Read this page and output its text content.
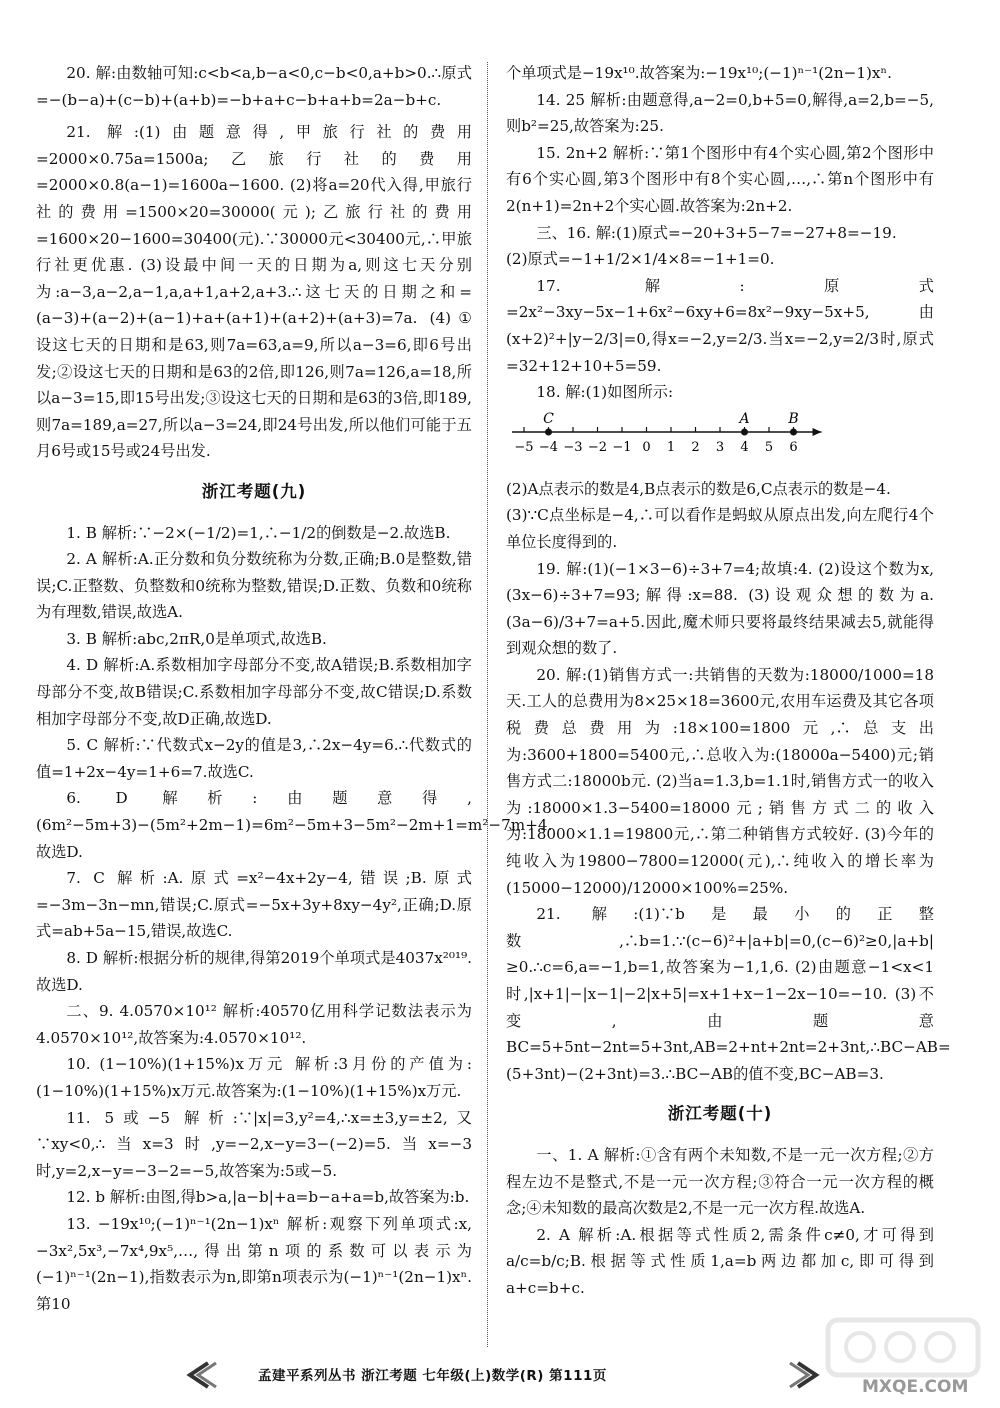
20. 解:由数轴可知:c<b<a,b−a<0,c−b<0,a+b>0.∴原式=−(b−a)+(c−b)+(a+b)=−b+a+c−b+a+b=2a−b+c.

21. 解:(1)由题意得,甲旅行社的费用=2000×0.75a=1500a;乙旅行社的费用=2000×0.8(a−1)=1600a−1600. (2)将a=20代入得,甲旅行社的费用=1500×20=30000(元);乙旅行社的费用=1600×20−1600=30400(元).∵30000元<30400元,∴甲旅行社更优惠. (3)设最中间一天的日期为a,则这七天分别为:a−3,a−2,a−1,a,a+1,a+2,a+3.∴这七天的日期之和=(a−3)+(a−2)+(a−1)+a+(a+1)+(a+2)+(a+3)=7a. (4)①设这七天的日期和是63,则7a=63,a=9,所以a−3=6,即6号出发;②设这七天的日期和是63的2倍,即126,则7a=126,a=18,所以a−3=15,即15号出发;③设这七天的日期和是63的3倍,即189,则7a=189,a=27,所以a−3=24,即24号出发,所以他们可能于五月6号或15号或24号出发.

浙江考题(九)

1. B 解析:∵−2×(−1/2)=1,∴−1/2的倒数是−2.故选B.

2. A 解析:A.正分数和负分数统称为分数,正确;B.0是整数,错误;C.正整数、负整数和0统称为整数,错误;D.正数、负数和0统称为有理数,错误,故选A.

3. B 解析:abc,2πR,0是单项式,故选B.

4. D 解析:A.系数相加字母部分不变,故A错误;B.系数相加字母部分不变,故B错误;C.系数相加字母部分不变,故C错误;D.系数相加字母部分不变,故D正确,故选D.

5. C 解析:∵代数式x−2y的值是3,∴2x−4y=6.∴代数式的值=1+2x−4y=1+6=7.故选C.

6. D 解析:由题意得,(6m²−5m+3)−(5m²+2m−1)=6m²−5m+3−5m²−2m+1=m²−7m+4.故选D.

7. C 解析:A.原式=x²−4x+2y−4,错误;B.原式=−3m−3n−mn,错误;C.原式=−5x+3y+8xy−4y²,正确;D.原式=ab+5a−15,错误,故选C.

8. D 解析:根据分析的规律,得第2019个单项式是4037x²⁰¹⁹.故选D.

二、9. 4.0570×10¹² 解析:40570亿用科学记数法表示为4.0570×10¹²,故答案为:4.0570×10¹².

10. (1−10%)(1+15%)x万元 解析:3月份的产值为:(1−10%)(1+15%)x万元.故答案为:(1−10%)(1+15%)x万元.

11. 5或−5 解析:∵|x|=3,y²=4,∴x=±3,y=±2,又∵xy<0,∴当x=3时,y=−2,x−y=3−(−2)=5.当x=−3时,y=2,x−y=−3−2=−5,故答案为:5或−5.

12. b 解析:由图,得b>a,|a−b|+a=b−a+a=b,故答案为:b.

13. −19x¹⁰;(−1)ⁿ⁻¹(2n−1)xⁿ 解析:观察下列单项式:x,−3x²,5x³,−7x⁴,9x⁵,…,得出第n项的系数可以表示为(−1)ⁿ⁻¹(2n−1),指数表示为n,即第n项表示为(−1)ⁿ⁻¹(2n−1)xⁿ.第10

个单项式是−19x¹⁰.故答案为:−19x¹⁰;(−1)ⁿ⁻¹(2n−1)xⁿ.

14. 25 解析:由题意得,a−2=0,b+5=0,解得,a=2,b=−5,则b²=25,故答案为:25.

15. 2n+2 解析:∵第1个图形中有4个实心圆,第2个图形中有6个实心圆,第3个图形中有8个实心圆,…,∴第n个图形中有2(n+1)=2n+2个实心圆.故答案为:2n+2.

三、16. 解:(1)原式=−20+3+5−7=−27+8=−19.

(2)原式=−1+1/2×1/4×8=−1+1=0.

17. 解:原式=2x²−3xy−5x−1+6x²−6xy+6=8x²−9xy−5x+5,由(x+2)²+|y−2/3|=0,得x=−2,y=2/3.当x=−2,y=2/3时,原式=32+12+10+5=59.

18. 解:(1)如图所示:

−5 −4 −3 −2 −1 0 1 2 3 4 5 6
C	A	B

(2)A点表示的数是4,B点表示的数是6,C点表示的数是−4.

(3)∵C点坐标是−4,∴可以看作是蚂蚁从原点出发,向左爬行4个单位长度得到的.

19. 解:(1)(−1×3−6)÷3+7=4;故填:4. (2)设这个数为x,(3x−6)÷3+7=93;解得:x=88. (3)设观众想的数为a.(3a−6)/3+7=a+5.因此,魔术师只要将最终结果减去5,就能得到观众想的数了.

20. 解:(1)销售方式一:共销售的天数为:18000/1000=18天.工人的总费用为8×25×18=3600元,农用车运费及其它各项税费总费用为:18×100=1800元,∴总支出为:3600+1800=5400元,∴总收入为:(18000a−5400)元;销售方式二:18000b元. (2)当a=1.3,b=1.1时,销售方式一的收入为:18000×1.3−5400=18000元;销售方式二的收入为:18000×1.1=19800元,∴第二种销售方式较好. (3)今年的纯收入为19800−7800=12000(元),∴纯收入的增长率为(15000−12000)/12000×100%=25%.

21. 解:(1)∵b是最小的正整数,∴b=1.∵(c−6)²+|a+b|=0,(c−6)²≥0,|a+b|≥0.∴c=6,a=−1,b=1,故答案为−1,1,6. (2)由题意−1<x<1时,|x+1|−|x−1|−2|x+5|=x+1+x−1−2x−10=−10. (3)不变,由题意BC=5+5nt−2nt=5+3nt,AB=2+nt+2nt=2+3nt,∴BC−AB=(5+3nt)−(2+3nt)=3.∴BC−AB的值不变,BC−AB=3.

浙江考题(十)

一、1. A 解析:①含有两个未知数,不是一元一次方程;②方程左边不是整式,不是一元一次方程;③符合一元一次方程的概念;④未知数的最高次数是2,不是一元一次方程.故选A.

2. A 解析:A.根据等式性质2,需条件c≠0,才可得到a/c=b/c;B.根据等式性质1,a=b两边都加c,即可得到a+c=b+c.

孟建平系列丛书 浙江考题 七年级(上)数学(R) 第111页
MXQE.COM
